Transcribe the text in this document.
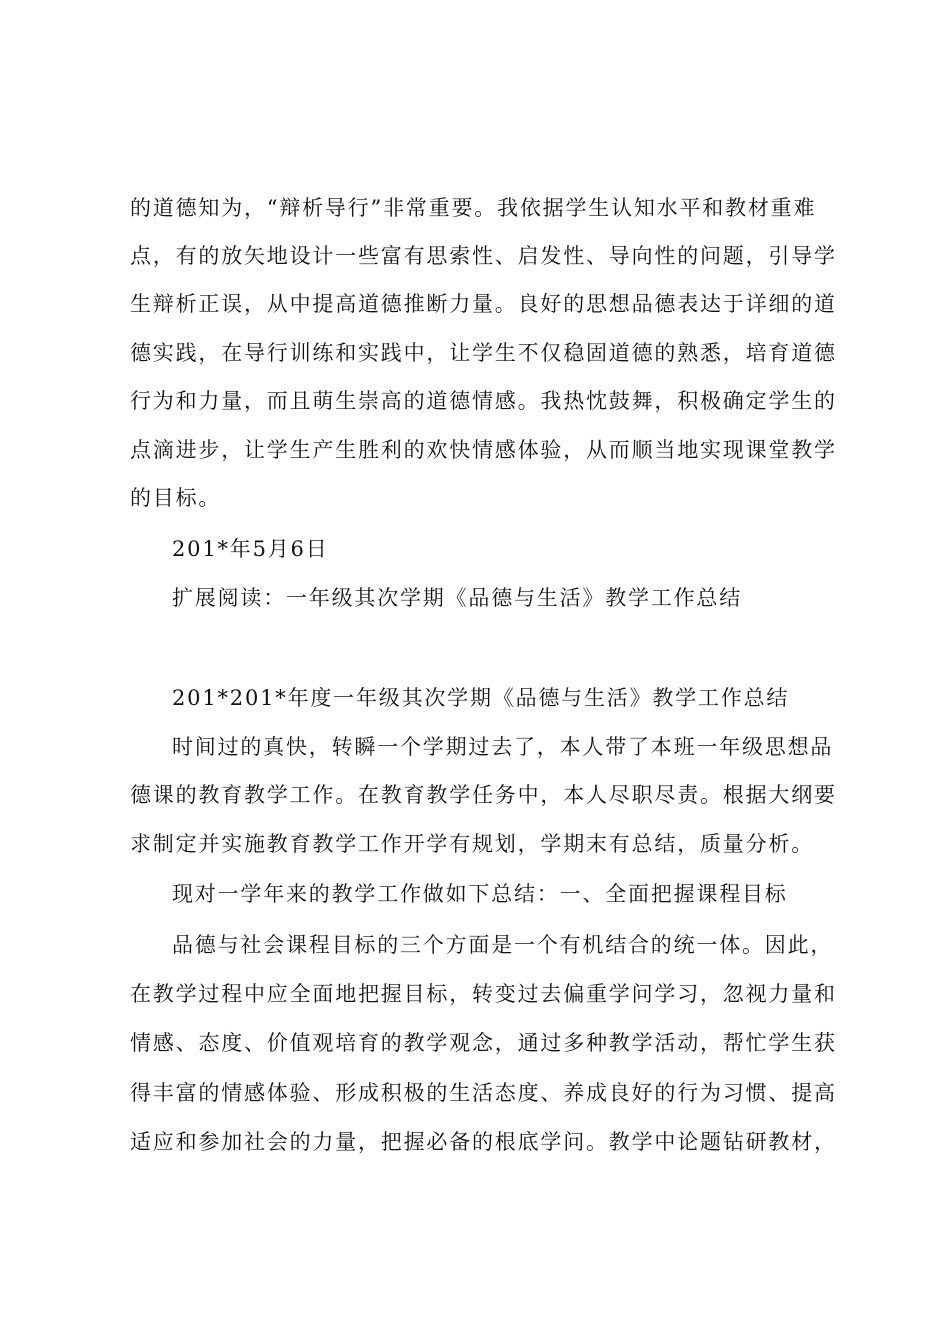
的道德知为，“辩析导行”非常重要。我依据学生认知水平和教材重难
点，有的放矢地设计一些富有思索性、启发性、导向性的问题，引导学
生辩析正误，从中提高道德推断力量。良好的思想品德表达于详细的道
德实践，在导行训练和实践中，让学生不仅稳固道德的熟悉，培育道德
行为和力量，而且萌生崇高的道德情感。我热忱鼓舞，积极确定学生的
点滴进步，让学生产生胜利的欢快情感体验，从而顺当地实现课堂教学
的目标。
201*年5月6日
扩展阅读：一年级其次学期《品德与生活》教学工作总结
201*201*年度一年级其次学期《品德与生活》教学工作总结
时间过的真快，转瞬一个学期过去了，本人带了本班一年级思想品
德课的教育教学工作。在教育教学任务中，本人尽职尽责。根据大纲要
求制定并实施教育教学工作开学有规划，学期末有总结，质量分析。
现对一学年来的教学工作做如下总结：一、全面把握课程目标
品德与社会课程目标的三个方面是一个有机结合的统一体。因此，
在教学过程中应全面地把握目标，转变过去偏重学问学习，忽视力量和
情感、态度、价值观培育的教学观念，通过多种教学活动，帮忙学生获
得丰富的情感体验、形成积极的生活态度、养成良好的行为习惯、提高
适应和参加社会的力量，把握必备的根底学问。教学中论题钻研教材，
